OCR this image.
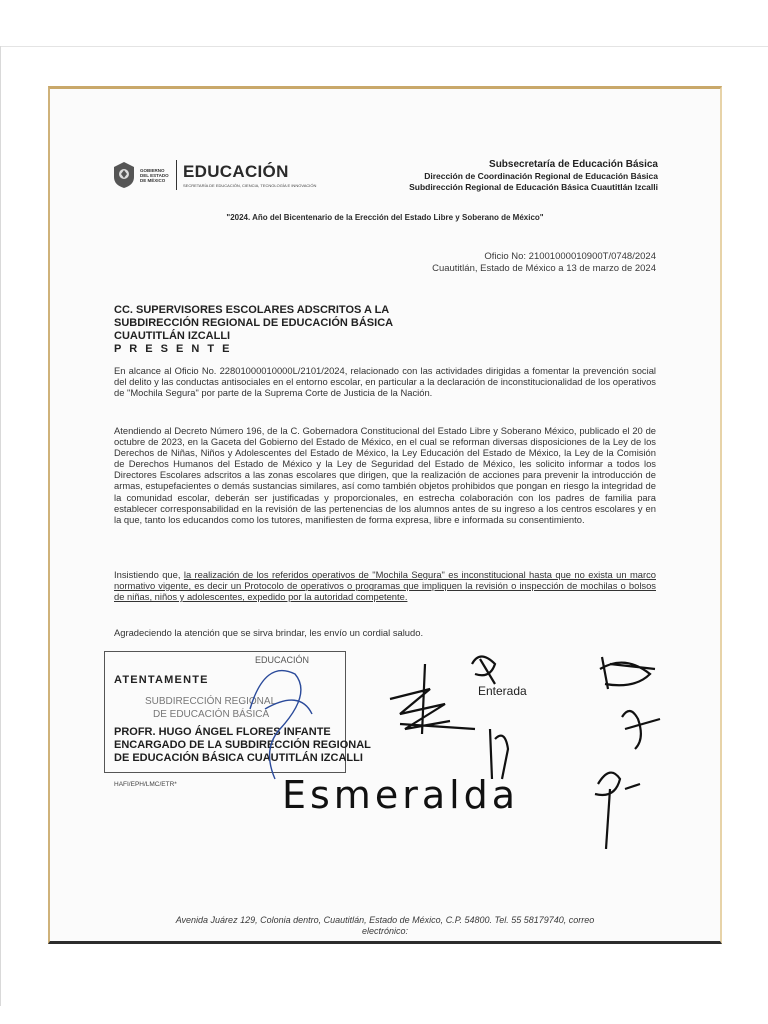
GOBIERNO DEL ESTADO DE MÉXICO EDUCACIÓN
SECRETARÍA DE EDUCACIÓN, CIENCIA, TECNOLOGÍA E INNOVACIÓN
Subsecretaría de Educación Básica
Dirección de Coordinación Regional de Educación Básica
Subdirección Regional de Educación Básica Cuautitlán Izcalli
"2024. Año del Bicentenario de la Erección del Estado Libre y Soberano de México"
Oficio No: 21001000010900T/0748/2024
Cuautitlán, Estado de México a 13 de marzo de 2024
CC. SUPERVISORES ESCOLARES ADSCRITOS A LA
SUBDIRECCIÓN REGIONAL DE EDUCACIÓN BÁSICA
CUAUTITLÁN IZCALLI
P R E S E N T E
En alcance al Oficio No. 22801000010000L/2101/2024, relacionado con las actividades dirigidas a fomentar la prevención social del delito y las conductas antisociales en el entorno escolar, en particular a la declaración de inconstitucionalidad de los operativos de "Mochila Segura" por parte de la Suprema Corte de Justicia de la Nación.
Atendiendo al Decreto Número 196, de la C. Gobernadora Constitucional del Estado Libre y Soberano México, publicado el 20 de octubre de 2023, en la Gaceta del Gobierno del Estado de México, en el cual se reforman diversas disposiciones de la Ley de los Derechos de Niñas, Niños y Adolescentes del Estado de México, la Ley Educación del Estado de México, la Ley de la Comisión de Derechos Humanos del Estado de México y la Ley de Seguridad del Estado de México, les solicito informar a todos los Directores Escolares adscritos a las zonas escolares que dirigen, que la realización de acciones para prevenir la introducción de armas, estupefacientes o demás sustancias similares, así como también objetos prohibidos que pongan en riesgo la integridad de la comunidad escolar, deberán ser justificadas y proporcionales, en estrecha colaboración con los padres de familia para establecer corresponsabilidad en la revisión de las pertenencias de los alumnos antes de su ingreso a los centros escolares y en la que, tanto los educandos como los tutores, manifiesten de forma expresa, libre e informada su consentimiento.
Insistiendo que, la realización de los referidos operativos de "Mochila Segura" es inconstitucional hasta que no exista un marco normativo vigente, es decir un Protocolo de operativos o programas que impliquen la revisión o inspección de mochilas o bolsos de niñas, niños y adolescentes, expedido por la autoridad competente.
Agradeciendo la atención que se sirva brindar, les envío un cordial saludo.
EDUCACIÓN
SUBDIRECCIÓN REGIONAL
DE EDUCACIÓN BÁSICA
ATENTAMENTE
PROFR. HUGO ÁNGEL FLORES INFANTE
ENCARGADO DE LA SUBDIRECCIÓN REGIONAL
DE EDUCACIÓN BÁSICA CUAUTITLÁN IZCALLI
HAFI/EPH/LMC/ETR*
Enterada
Esmeralda
Avenida Juárez 129, Colonia dentro, Cuautitlán, Estado de México, C.P. 54800. Tel. 55 58179740, correo
electrónico:
